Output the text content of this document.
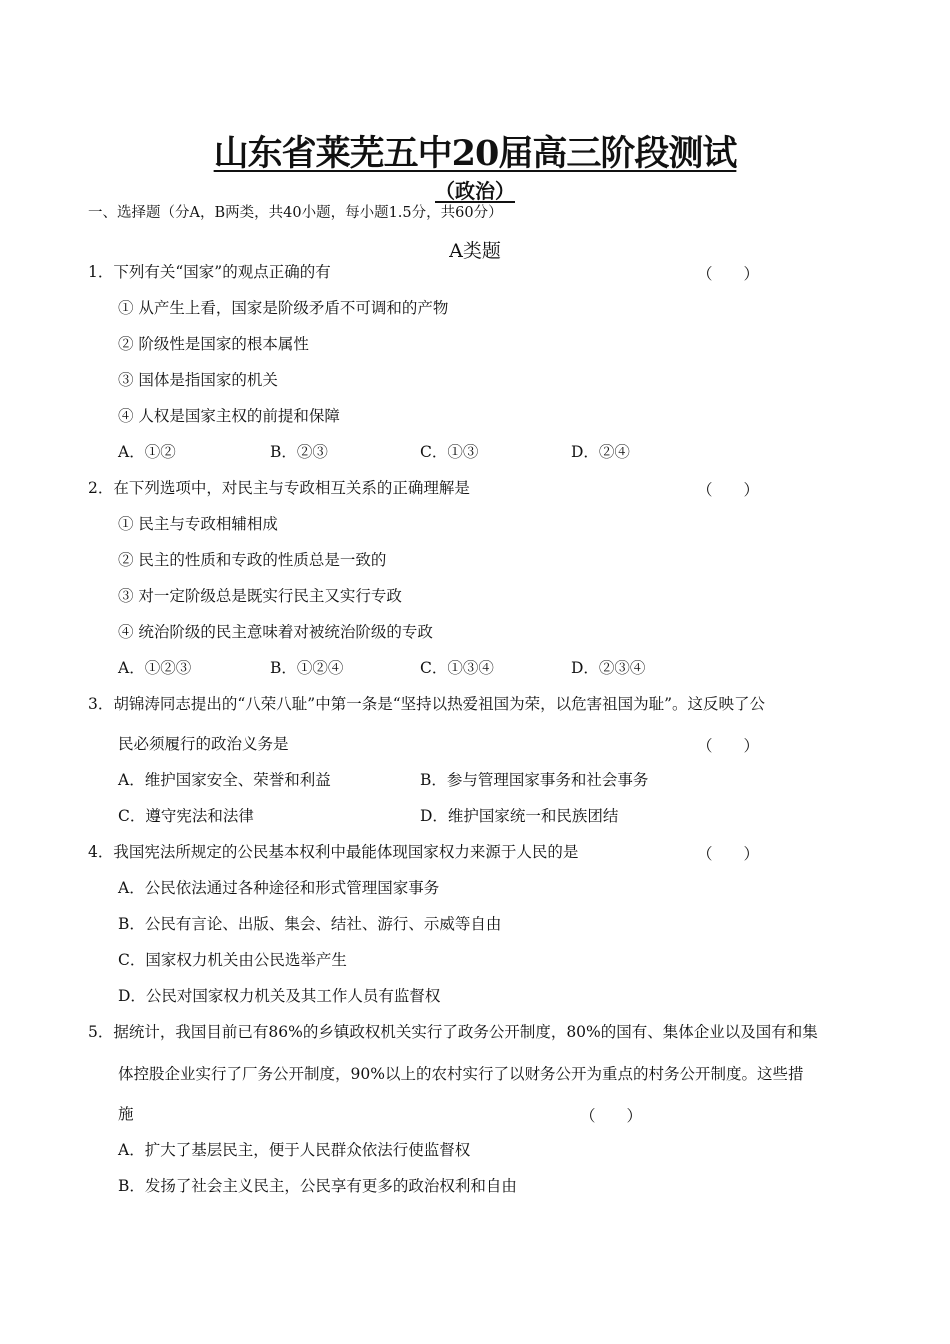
山东省莱芜五中20届高三阶段测试
（政治）
一、选择题（分A，B两类，共40小题，每小题1.5分，共60分）
A类题
1．下列有关“国家”的观点正确的有	（　　）
① 从产生上看，国家是阶级矛盾不可调和的产物
② 阶级性是国家的根本属性
③ 国体是指国家的机关
④ 人权是国家主权的前提和保障
A．①②	B．②③	C．①③	D．②④
2．在下列选项中，对民主与专政相互关系的正确理解是	（　　）
① 民主与专政相辅相成
② 民主的性质和专政的性质总是一致的
③ 对一定阶级总是既实行民主又实行专政
④ 统治阶级的民主意味着对被统治阶级的专政
A．①②③	B．①②④	C．①③④	D．②③④
3．胡锦涛同志提出的“八荣八耻”中第一条是“坚持以热爱祖国为荣，以危害祖国为耻”。这反映了公
民必须履行的政治义务是	（　　）
A．维护国家安全、荣誉和利益	B．参与管理国家事务和社会事务
C．遵守宪法和法律	D．维护国家统一和民族团结
4．我国宪法所规定的公民基本权利中最能体现国家权力来源于人民的是	（　　）
A．公民依法通过各种途径和形式管理国家事务
B．公民有言论、出版、集会、结社、游行、示威等自由
C．国家权力机关由公民选举产生
D．公民对国家权力机关及其工作人员有监督权
5．据统计，我国目前已有86%的乡镇政权机关实行了政务公开制度，80%的国有、集体企业以及国有和集
体控股企业实行了厂务公开制度，90%以上的农村实行了以财务公开为重点的村务公开制度。这些措
施	（　　）
A．扩大了基层民主，便于人民群众依法行使监督权
B．发扬了社会主义民主，公民享有更多的政治权利和自由
